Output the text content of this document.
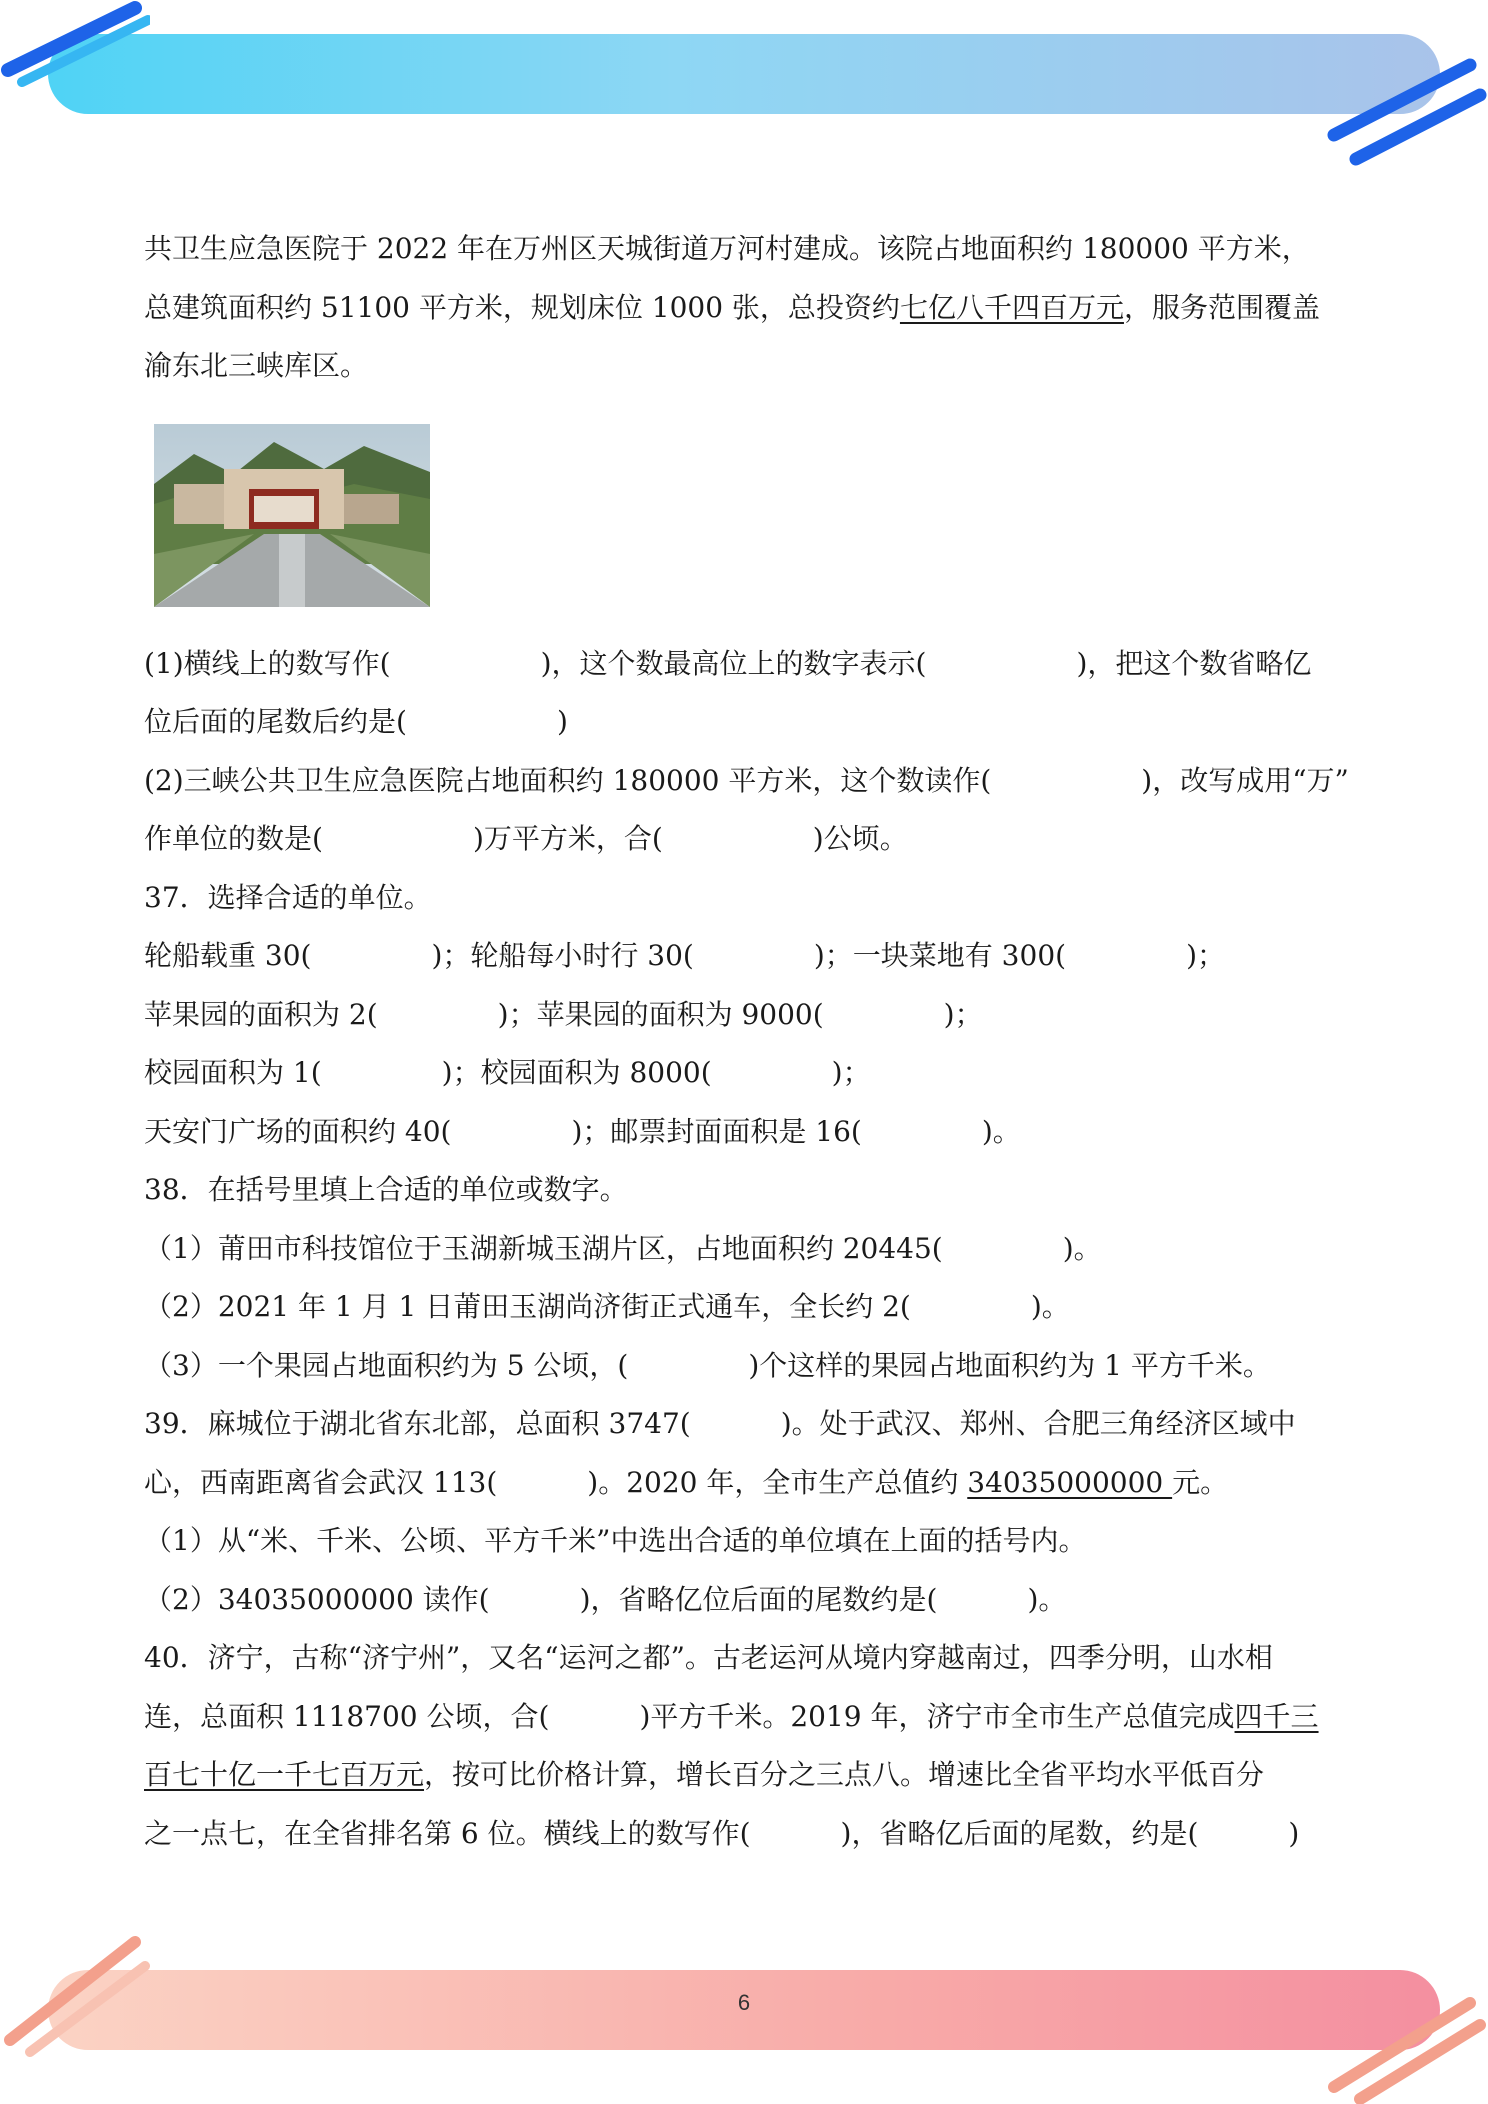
共卫生应急医院于 2022 年在万州区天城街道万河村建成。该院占地面积约 180000 平方米，

总建筑面积约 51100 平方米，规划床位 1000 张，总投资约七亿八千四百万元，服务范围覆盖

渝东北三峡库区。

(1)横线上的数写作(	)，这个数最高位上的数字表示(	)，把这个数省略亿

位后面的尾数后约是(	)

(2)三峡公共卫生应急医院占地面积约 180000 平方米，这个数读作(	)，改写成用“万”

作单位的数是(	)万平方米，合(	)公顷。

37．选择合适的单位。

轮船载重 30(	)；轮船每小时行 30(	)；一块菜地有 300(	)；

苹果园的面积为 2(	)；苹果园的面积为 9000(	)；

校园面积为 1(	)；校园面积为 8000(	)；

天安门广场的面积约 40(	)；邮票封面面积是 16(	)。

38．在括号里填上合适的单位或数字。

（1）莆田市科技馆位于玉湖新城玉湖片区，占地面积约 20445(	)。

（2）2021 年 1 月 1 日莆田玉湖尚济街正式通车，全长约 2(	)。

（3）一个果园占地面积约为 5 公顷，(	)个这样的果园占地面积约为 1 平方千米。

39．麻城位于湖北省东北部，总面积 3747(	)。处于武汉、郑州、合肥三角经济区域中

心，西南距离省会武汉 113(	)。2020 年，全市生产总值约 34035000000 元。

（1）从“米、千米、公顷、平方千米”中选出合适的单位填在上面的括号内。

（2）34035000000 读作(	)，省略亿位后面的尾数约是(	)。

40．济宁，古称“济宁州”，又名“运河之都”。古老运河从境内穿越南过，四季分明，山水相

连，总面积 1118700 公顷，合(	)平方千米。2019 年，济宁市全市生产总值完成四千三

百七十亿一千七百万元，按可比价格计算，增长百分之三点八。增速比全省平均水平低百分

之一点七，在全省排名第 6 位。横线上的数写作(	)，省略亿后面的尾数，约是(	)

6
